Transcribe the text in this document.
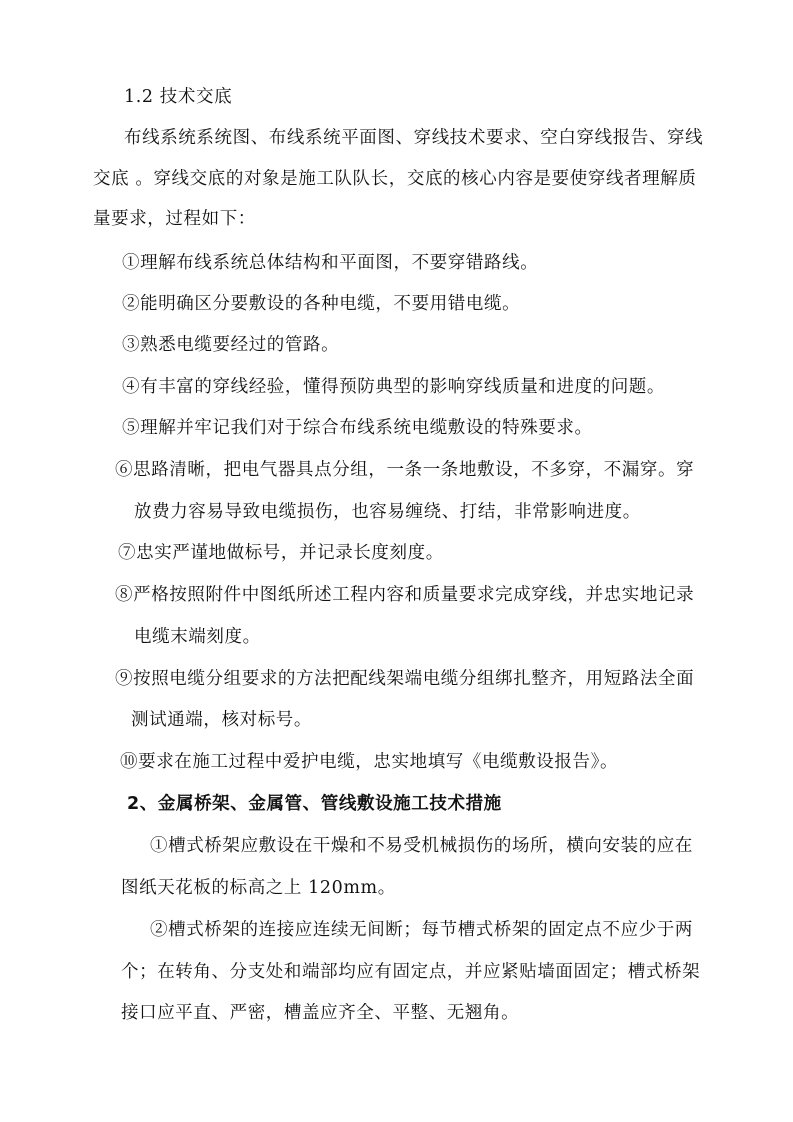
1.2 技术交底
布线系统系统图、布线系统平面图、穿线技术要求、空白穿线报告、穿线
交底 。穿线交底的对象是施工队队长，交底的核心内容是要使穿线者理解质
量要求，过程如下：
①理解布线系统总体结构和平面图，不要穿错路线。
②能明确区分要敷设的各种电缆，不要用错电缆。
③熟悉电缆要经过的管路。
④有丰富的穿线经验，懂得预防典型的影响穿线质量和进度的问题。
⑤理解并牢记我们对于综合布线系统电缆敷设的特殊要求。
⑥思路清晰，把电气器具点分组，一条一条地敷设，不多穿，不漏穿。穿
放费力容易导致电缆损伤，也容易缠绕、打结，非常影响进度。
⑦忠实严谨地做标号，并记录长度刻度。
⑧严格按照附件中图纸所述工程内容和质量要求完成穿线，并忠实地记录
电缆末端刻度。
⑨按照电缆分组要求的方法把配线架端电缆分组绑扎整齐，用短路法全面
测试通端，核对标号。
⑩要求在施工过程中爱护电缆，忠实地填写《电缆敷设报告》。
2、金属桥架、金属管、管线敷设施工技术措施
①槽式桥架应敷设在干燥和不易受机械损伤的场所，横向安装的应在
图纸天花板的标高之上 120mm。
②槽式桥架的连接应连续无间断；每节槽式桥架的固定点不应少于两
个；在转角、分支处和端部均应有固定点，并应紧贴墙面固定；槽式桥架
接口应平直、严密，槽盖应齐全、平整、无翘角。
